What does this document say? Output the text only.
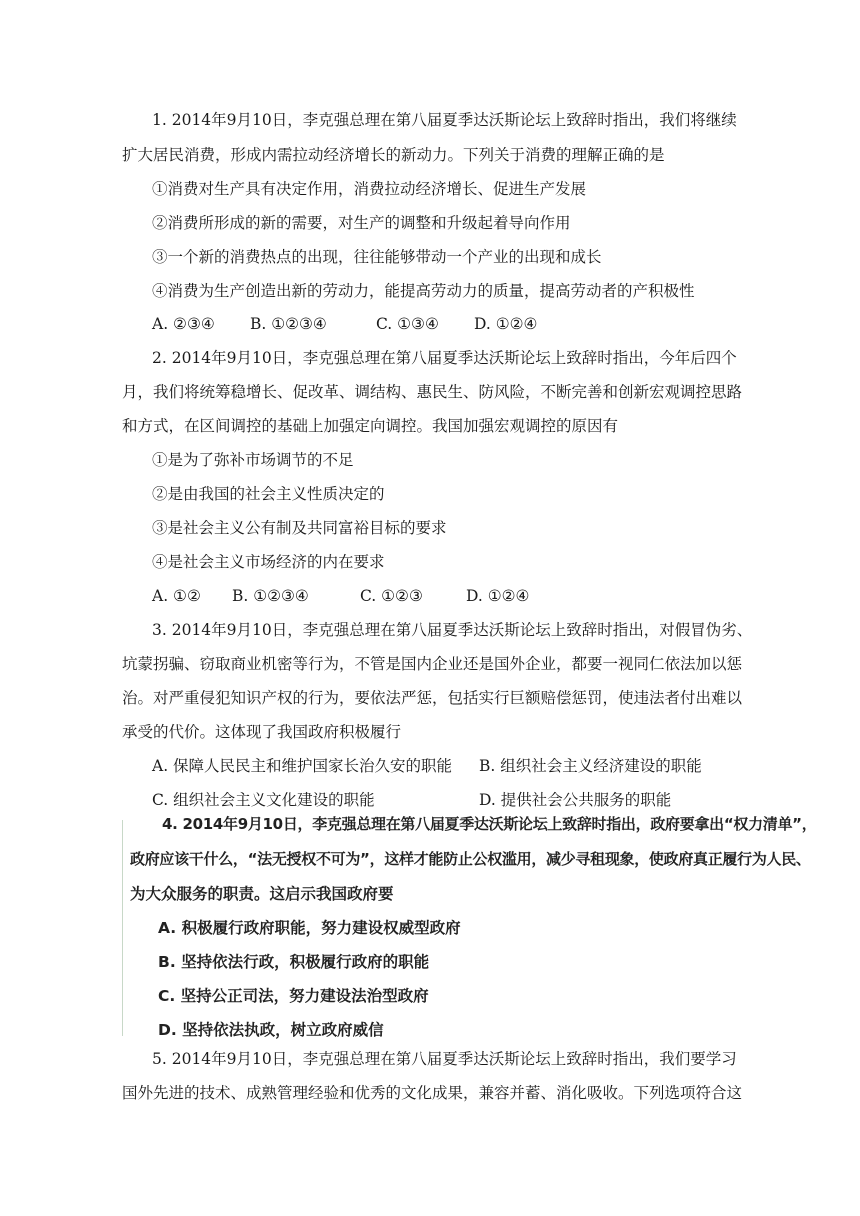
1. 2014年9月10日，李克强总理在第八届夏季达沃斯论坛上致辞时指出，我们将继续
扩大居民消费，形成内需拉动经济增长的新动力。下列关于消费的理解正确的是
①消费对生产具有决定作用，消费拉动经济增长、促进生产发展
②消费所形成的新的需要，对生产的调整和升级起着导向作用
③一个新的消费热点的出现，往往能够带动一个产业的出现和成长
④消费为生产创造出新的劳动力，能提高劳动力的质量，提高劳动者的产积极性
A. ②③④ B. ①②③④	C. ①③④ D. ①②④
2. 2014年9月10日，李克强总理在第八届夏季达沃斯论坛上致辞时指出，今年后四个
月，我们将统筹稳增长、促改革、调结构、惠民生、防风险，不断完善和创新宏观调控思路
和方式，在区间调控的基础上加强定向调控。我国加强宏观调控的原因有
①是为了弥补市场调节的不足
②是由我国的社会主义性质决定的
③是社会主义公有制及共同富裕目标的要求
④是社会主义市场经济的内在要求
A. ①② B. ①②③④	C. ①②③	D. ①②④
3. 2014年9月10日，李克强总理在第八届夏季达沃斯论坛上致辞时指出，对假冒伪劣、
坑蒙拐骗、窃取商业机密等行为，不管是国内企业还是国外企业，都要一视同仁依法加以惩
治。对严重侵犯知识产权的行为，要依法严惩，包括实行巨额赔偿惩罚，使违法者付出难以
承受的代价。这体现了我国政府积极履行
A. 保障人民民主和维护国家长治久安的职能 B. 组织社会主义经济建设的职能
C. 组织社会主义文化建设的职能	D. 提供社会公共服务的职能
4. 2014年9月10日，李克强总理在第八届夏季达沃斯论坛上致辞时指出，政府要拿出“权力清单”，
政府应该干什么，“法无授权不可为”，这样才能防止公权滥用，减少寻租现象，使政府真正履行为人民、
为大众服务的职责。这启示我国政府要
A. 积极履行政府职能，努力建设权威型政府
B. 坚持依法行政，积极履行政府的职能
C. 坚持公正司法，努力建设法治型政府
D. 坚持依法执政，树立政府威信
5. 2014年9月10日，李克强总理在第八届夏季达沃斯论坛上致辞时指出，我们要学习
国外先进的技术、成熟管理经验和优秀的文化成果，兼容并蓄、消化吸收。下列选项符合这
